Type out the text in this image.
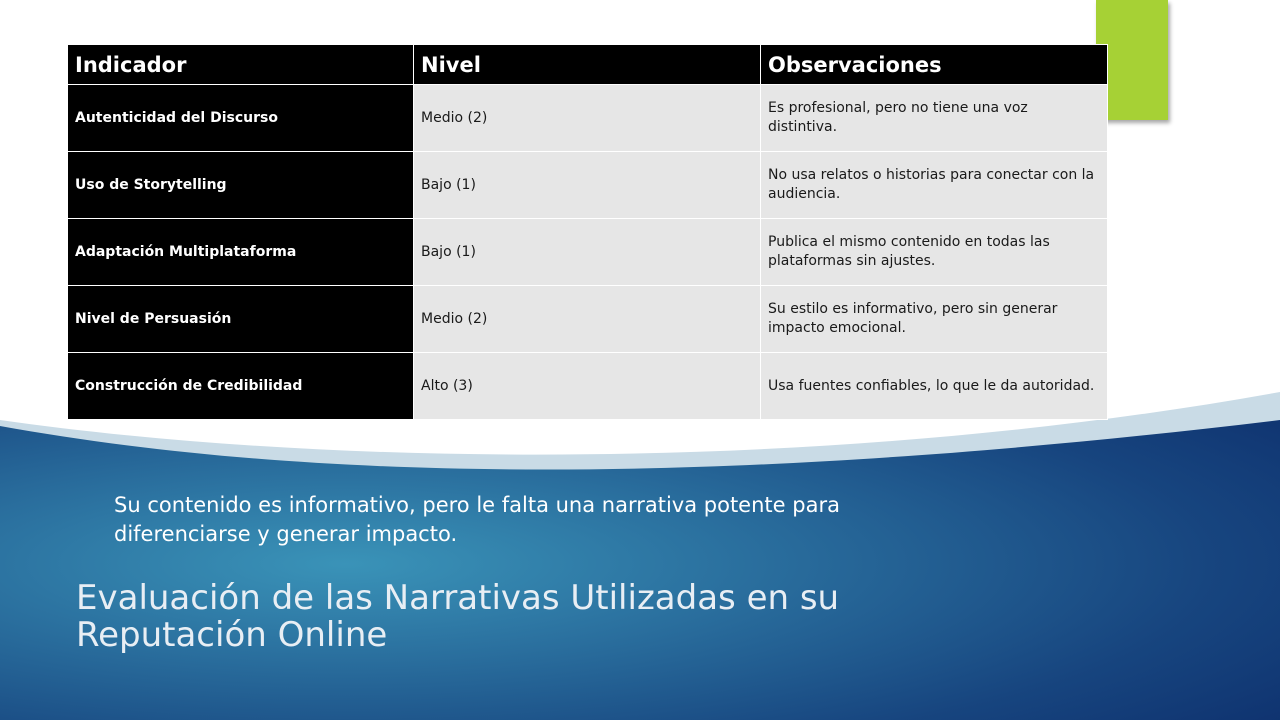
Indicador	Nivel	Observaciones
Autenticidad del Discurso	Medio (2)	Es profesional, pero no tiene una voz distintiva.
Uso de Storytelling	Bajo (1)	No usa relatos o historias para conectar con la audiencia.
Adaptación Multiplataforma	Bajo (1)	Publica el mismo contenido en todas las plataformas sin ajustes.
Nivel de Persuasión	Medio (2)	Su estilo es informativo, pero sin generar impacto emocional.
Construcción de Credibilidad	Alto (3)	Usa fuentes confiables, lo que le da autoridad.
Su contenido es informativo, pero le falta una narrativa potente para diferenciarse y generar impacto.
Evaluación de las Narrativas Utilizadas en su Reputación Online
